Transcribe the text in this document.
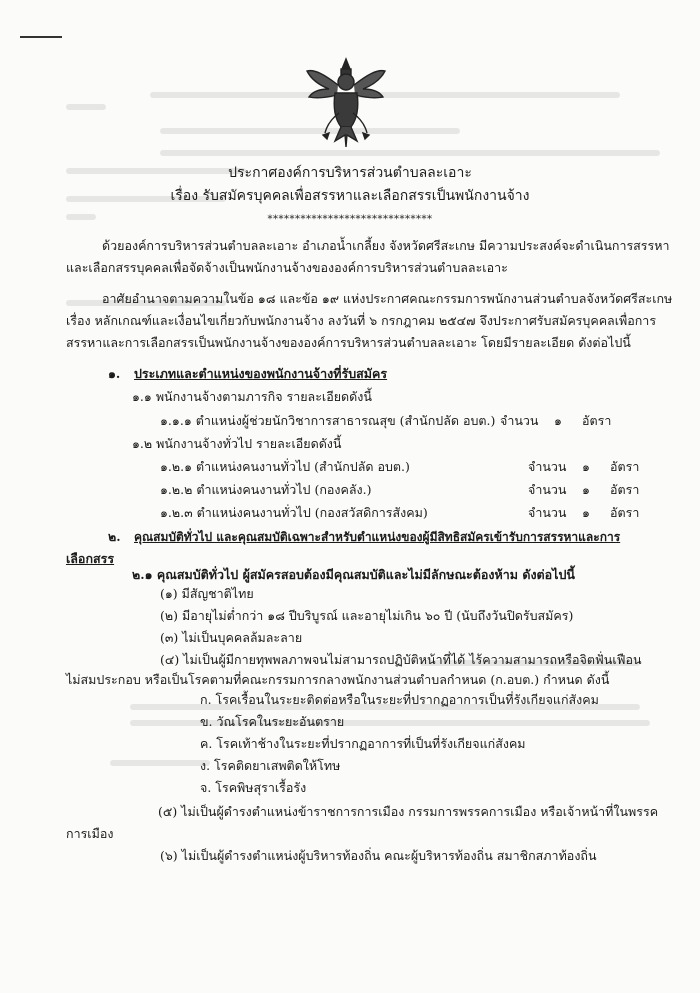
ประกาศองค์การบริหารส่วนตำบลละเอาะ
เรื่อง รับสมัครบุคคลเพื่อสรรหาและเลือกสรรเป็นพนักงานจ้าง
******************************
ด้วยองค์การบริหารส่วนตำบลละเอาะ อำเภอน้ำเกลี้ยง จังหวัดศรีสะเกษ มีความประสงค์จะดำเนินการสรรหา
และเลือกสรรบุคคลเพื่อจัดจ้างเป็นพนักงานจ้างขององค์การบริหารส่วนตำบลละเอาะ
อาศัยอำนาจตามความในข้อ ๑๘ และข้อ ๑๙ แห่งประกาศคณะกรรมการพนักงานส่วนตำบลจังหวัดศรีสะเกษ
เรื่อง หลักเกณฑ์และเงื่อนไขเกี่ยวกับพนักงานจ้าง ลงวันที่ ๖ กรกฎาคม ๒๕๔๗ จึงประกาศรับสมัครบุคคลเพื่อการ
สรรหาและการเลือกสรรเป็นพนักงานจ้างขององค์การบริหารส่วนตำบลละเอาะ โดยมีรายละเอียด ดังต่อไปนี้
๑. ประเภทและตำแหน่งของพนักงานจ้างที่รับสมัคร
๑.๑ พนักงานจ้างตามภารกิจ รายละเอียดดังนี้
๑.๑.๑ ตำแหน่งผู้ช่วยนักวิชาการสาธารณสุข (สำนักปลัด อบต.) จำนวน ๑ อัตรา
๑.๒ พนักงานจ้างทั่วไป รายละเอียดดังนี้
๑.๒.๑ ตำแหน่งคนงานทั่วไป (สำนักปลัด อบต.)	จำนวน ๑ อัตรา
๑.๒.๒ ตำแหน่งคนงานทั่วไป (กองคลัง.)	จำนวน ๑ อัตรา
๑.๒.๓ ตำแหน่งคนงานทั่วไป (กองสวัสดิการสังคม)	จำนวน ๑ อัตรา
๒. คุณสมบัติทั่วไป และคุณสมบัติเฉพาะสำหรับตำแหน่งของผู้มีสิทธิสมัครเข้ารับการสรรหาและการ
เลือกสรร
๒.๑ คุณสมบัติทั่วไป ผู้สมัครสอบต้องมีคุณสมบัติและไม่มีลักษณะต้องห้าม ดังต่อไปนี้
(๑) มีสัญชาติไทย
(๒) มีอายุไม่ต่ำกว่า ๑๘ ปีบริบูรณ์ และอายุไม่เกิน ๖๐ ปี (นับถึงวันปิดรับสมัคร)
(๓) ไม่เป็นบุคคลล้มละลาย
(๔) ไม่เป็นผู้มีกายทุพพลภาพจนไม่สามารถปฏิบัติหน้าที่ได้ ไร้ความสามารถหรือจิตฟั่นเฟือน
ไม่สมประกอบ หรือเป็นโรคตามที่คณะกรรมการกลางพนักงานส่วนตำบลกำหนด (ก.อบต.) กำหนด ดังนี้
ก. โรคเรื้อนในระยะติดต่อหรือในระยะที่ปรากฏอาการเป็นที่รังเกียจแก่สังคม
ข. วัณโรคในระยะอันตราย
ค. โรคเท้าช้างในระยะที่ปรากฏอาการที่เป็นที่รังเกียจแก่สังคม
ง. โรคติดยาเสพติดให้โทษ
จ. โรคพิษสุราเรื้อรัง
(๕) ไม่เป็นผู้ดำรงตำแหน่งข้าราชการการเมือง กรรมการพรรคการเมือง หรือเจ้าหน้าที่ในพรรค
การเมือง
(๖) ไม่เป็นผู้ดำรงตำแหน่งผู้บริหารท้องถิ่น คณะผู้บริหารท้องถิ่น สมาชิกสภาท้องถิ่น
